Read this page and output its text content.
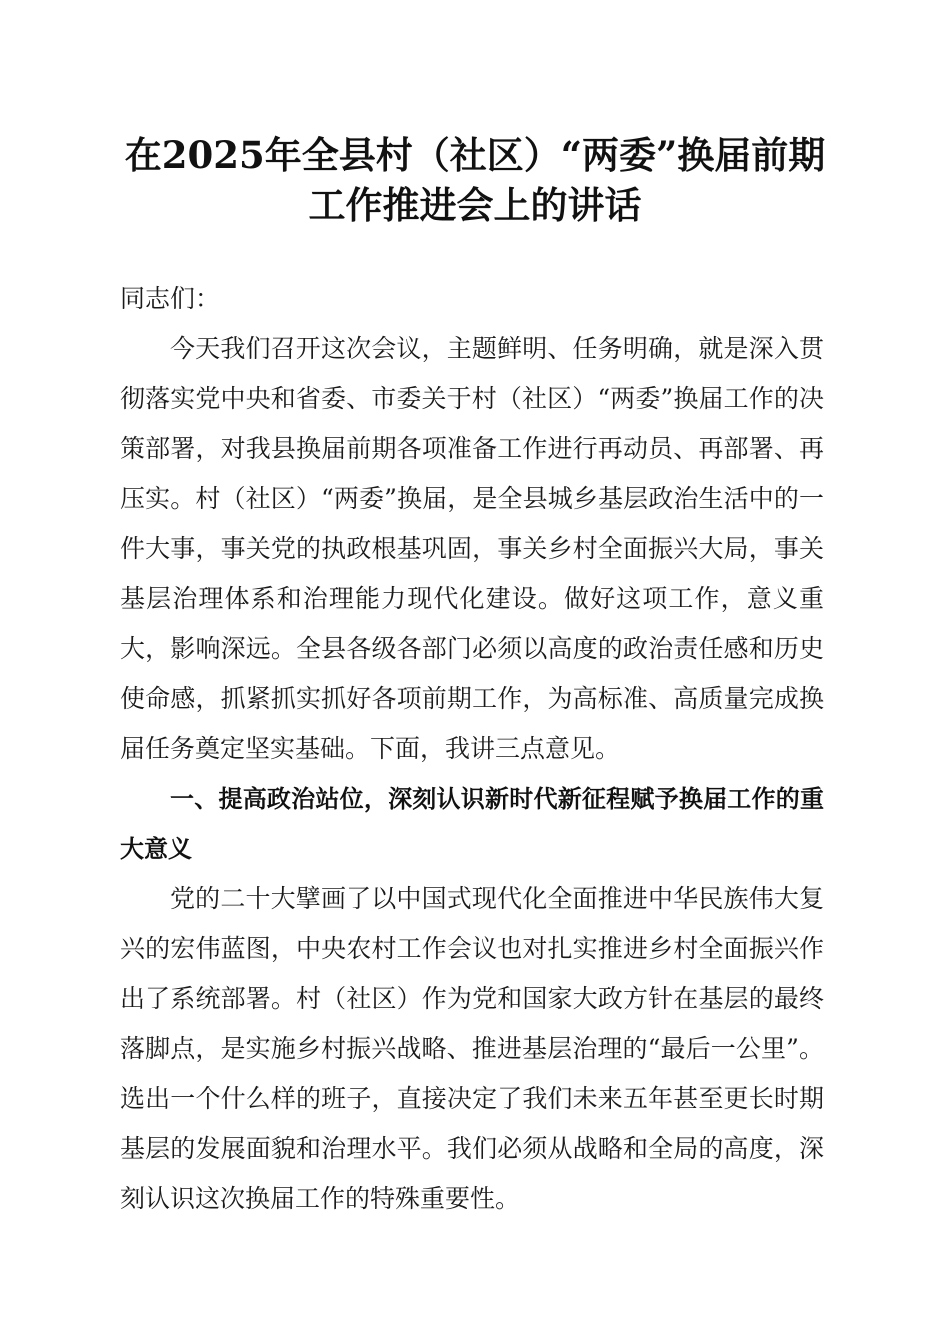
在2025年全县村（社区）“两委”换届前期
工作推进会上的讲话

同志们：

今天我们召开这次会议，主题鲜明、任务明确，就是深入贯彻落实党中央和省委、市委关于村（社区）“两委”换届工作的决策部署，对我县换届前期各项准备工作进行再动员、再部署、再压实。村（社区）“两委”换届，是全县城乡基层政治生活中的一件大事，事关党的执政根基巩固，事关乡村全面振兴大局，事关基层治理体系和治理能力现代化建设。做好这项工作，意义重大，影响深远。全县各级各部门必须以高度的政治责任感和历史使命感，抓紧抓实抓好各项前期工作，为高标准、高质量完成换届任务奠定坚实基础。下面，我讲三点意见。

一、提高政治站位，深刻认识新时代新征程赋予换届工作的重大意义

党的二十大擘画了以中国式现代化全面推进中华民族伟大复兴的宏伟蓝图，中央农村工作会议也对扎实推进乡村全面振兴作出了系统部署。村（社区）作为党和国家大政方针在基层的最终落脚点，是实施乡村振兴战略、推进基层治理的“最后一公里”。选出一个什么样的班子，直接决定了我们未来五年甚至更长时期基层的发展面貌和治理水平。我们必须从战略和全局的高度，深刻认识这次换届工作的特殊重要性。
